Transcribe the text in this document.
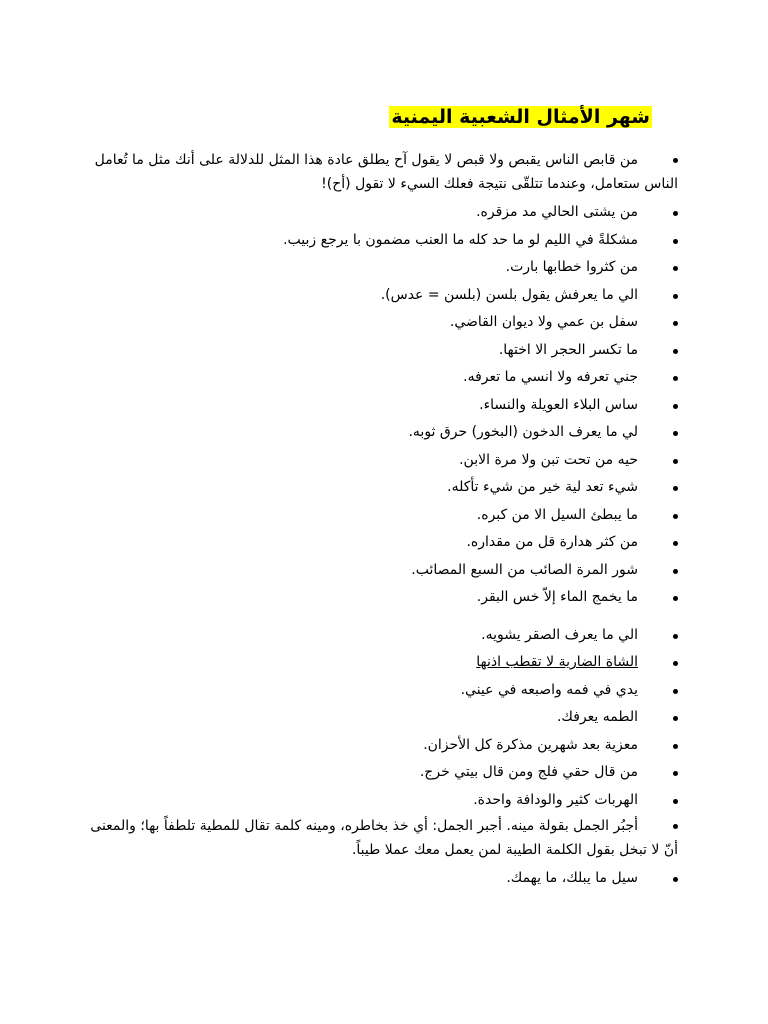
شهر الأمثال الشعبية اليمنية
من قابص الناس يقبص ولا قبص لا يقول آح يطلق عادة هذا المثل للدلالة على أنك مثل ما تُعامل الناس ستعامل، وعندما تتلقّى نتيجة فعلك السيء لا تقول (أح)!
من يشتى الحالي مد مزقره.
مشكلةً في الليم لو ما حد كله ما العنب مضمون با يرجع زبيب.
من كثروا خطابها بارت.
الي ما يعرفش يقول بلسن (بلسن = عدس).
سفل بن عمي ولا ديوان القاضي.
ما تكسر الحجر الا اختها.
جني تعرفه ولا انسي ما تعرفه.
ساس البلاء العويلة والنساء.
لي ما يعرف الدخون (البخور) حرق ثوبه.
حيه من تحت تبن ولا مرة الابن.
شيء تعد لية خير من شيء تأكله.
ما يبطئ السيل الا من كبره.
من كثر هدارة قل من مقداره.
شور المرة الصائب من السبع المصائب.
ما يخمج الماء إلاّ خس البقر.
الي ما يعرف الصقر يشويه.
الشاة الضارية لا تقطب اذنها
يدي في فمه واصبعه في عيني.
الطمه يعرفك.
معزية بعد شهرين مذكرة كل الأحزان.
من قال حقي فلج ومن قال بيتي خرج.
الهربات كثير والودافة واحدة.
أجبُر الجمل بقولة مينه. أجبر الجمل: أي خذ بخاطره، ومينه كلمة تقال للمطية تلطفاً بها؛ والمعنى أنّ لا تبخل بقول الكلمة الطيبة لمن يعمل معك عملا طيباً.
سيل ما يبلك، ما يهمك.
